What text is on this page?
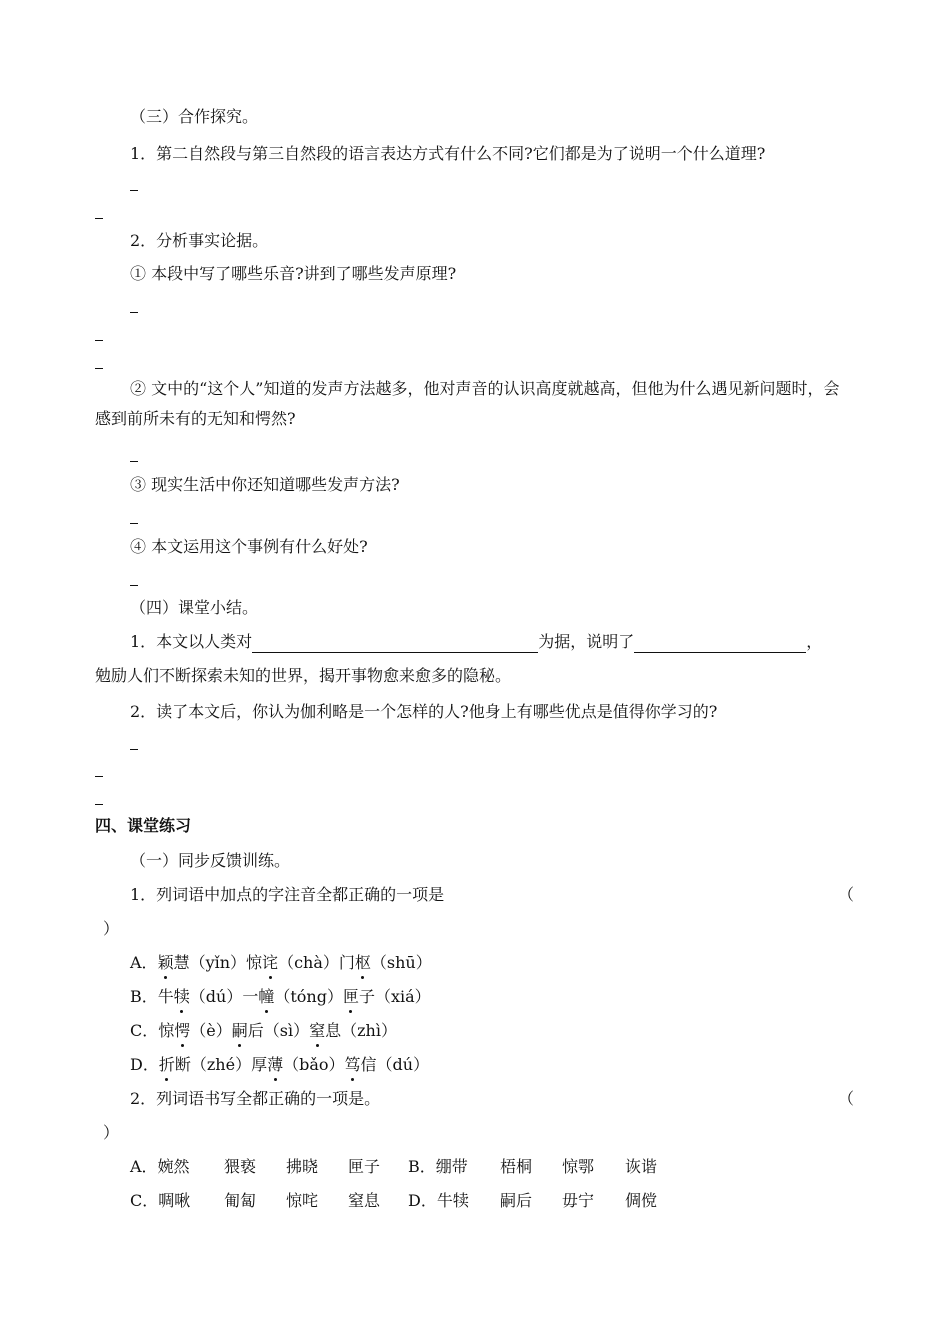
（三）合作探究。
1．第二自然段与第三自然段的语言表达方式有什么不同?它们都是为了说明一个什么道理?
2．分析事实论据。
① 本段中写了哪些乐音?讲到了哪些发声原理?
② 文中的“这个人”知道的发声方法越多，他对声音的认识高度就越高，但他为什么遇见新问题时，会感到前所未有的无知和愕然?
③ 现实生活中你还知道哪些发声方法?
④ 本文运用这个事例有什么好处?
（四）课堂小结。
1．本文以人类对	为据，说明了	，
勉励人们不断探索未知的世界，揭开事物愈来愈多的隐秘。
2．读了本文后，你认为伽利略是一个怎样的人?他身上有哪些优点是值得你学习的?
四、课堂练习
（一）同步反馈训练。
1．列词语中加点的字注音全都正确的一项是	（
）
A．颖慧（yǐn）惊诧（chà）门枢（shū）
B．牛犊（dú）一幢（tóng）匣子（xiá）
C．惊愕（è）嗣后（sì）窒息（zhì）
D．折断（zhé）厚薄（bǎo）笃信（dú）
2．列词语书写全都正确的一项是。	（
）
A．婉然 猥亵 拂晓 匣子 B．绷带 梧桐 惊鄂 诙谐
C．啁啾 匍匐 惊咤 窒息 D．牛犊 嗣后 毋宁 倜傥
